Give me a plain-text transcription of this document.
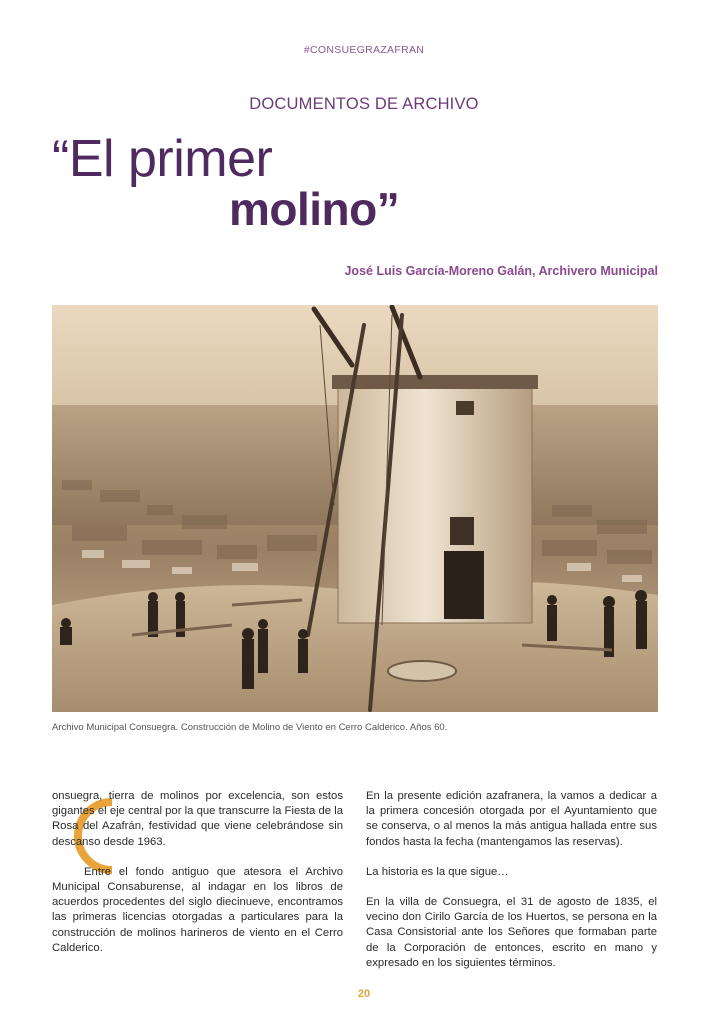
#CONSUEGRAZAFRAN
DOCUMENTOS DE ARCHIVO
“El primer
molino”
José Luis García-Moreno Galán, Archivero Municipal
Archivo Municipal Consuegra. Construcción de Molino de Viento en Cerro Calderico. Años 60.

onsuegra, tierra de molinos por excelencia, son estos gigantes el eje central por la que transcurre la Fiesta de la Rosa del Azafrán, festividad que viene celebrándose sin descanso desde 1963.

Entre el fondo antiguo que atesora el Archivo Municipal Consaburense, al indagar en los libros de acuerdos procedentes del siglo diecinueve, encontramos las primeras licencias otorgadas a particulares para la construcción de molinos harineros de viento en el Cerro Calderico.

En la presente edición azafranera, la vamos a dedicar a la primera concesión otorgada por el Ayuntamiento que se conserva, o al menos la más antigua hallada entre sus fondos hasta la fecha (mantengamos las reservas).

La historia es la que sigue…

En la villa de Consuegra, el 31 de agosto de 1835, el vecino don Cirilo García de los Huertos, se persona en la Casa Consistorial ante los Señores que formaban parte de la Corporación de entonces, escrito en mano y expresado en los siguientes términos.

20
